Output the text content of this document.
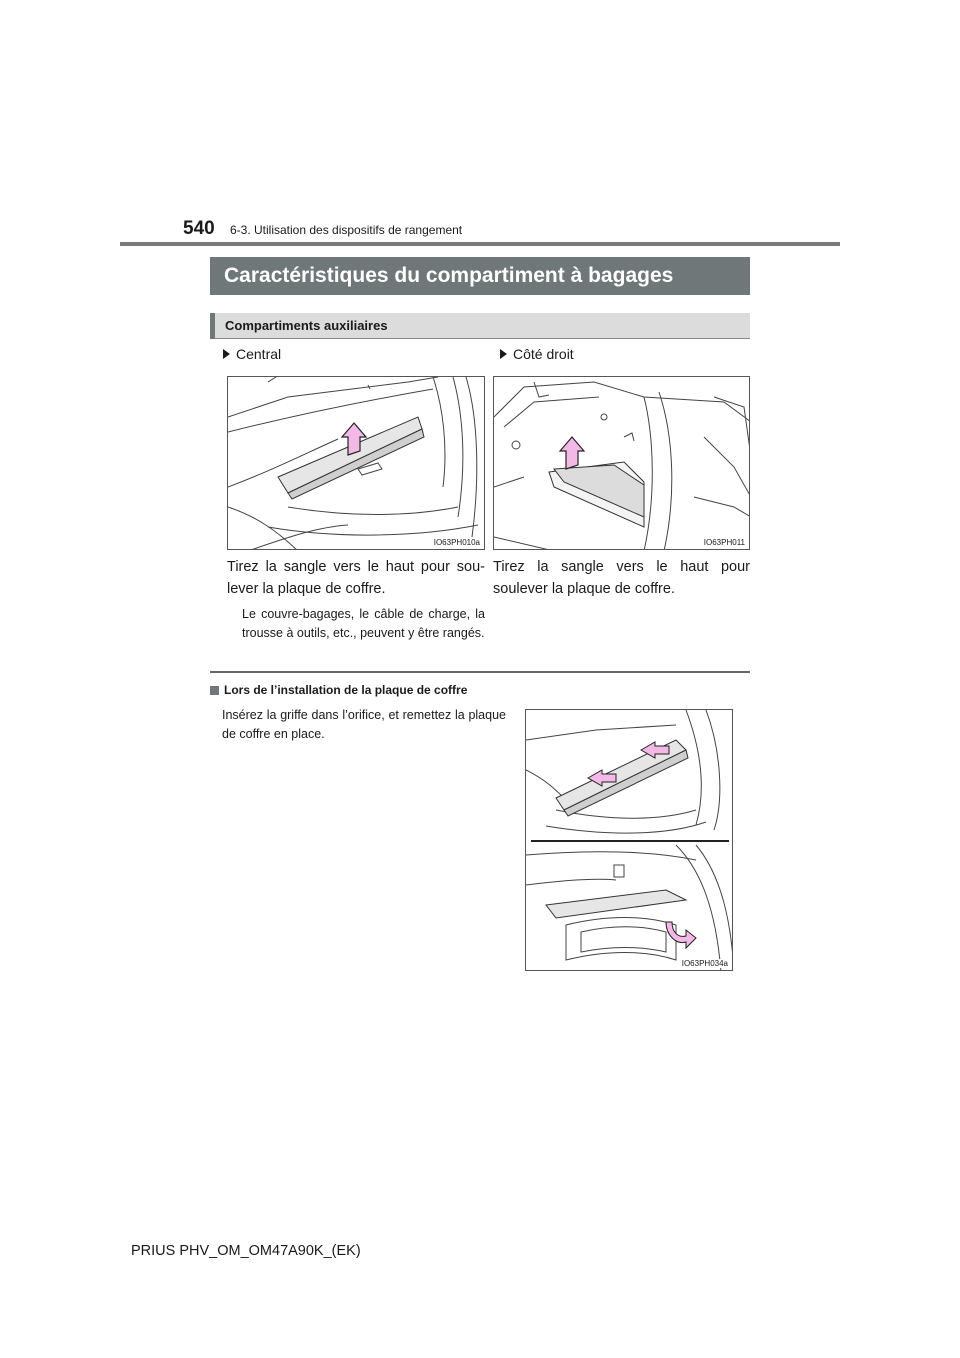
540 6-3. Utilisation des dispositifs de rangement
Caractéristiques du compartiment à bagages
Compartiments auxiliaires
Central	Côté droit
IO63PH010a	IO63PH011
Tirez la sangle vers le haut pour sou-lever la plaque de coffre.
Le couvre-bagages, le câble de charge, la trousse à outils, etc., peuvent y être rangés.
Tirez la sangle vers le haut pour soulever la plaque de coffre.
Lors de l’installation de la plaque de coffre
Insérez la griffe dans l’orifice, et remettez la plaque de coffre en place.
IO63PH034a
PRIUS PHV_OM_OM47A90K_(EK)
